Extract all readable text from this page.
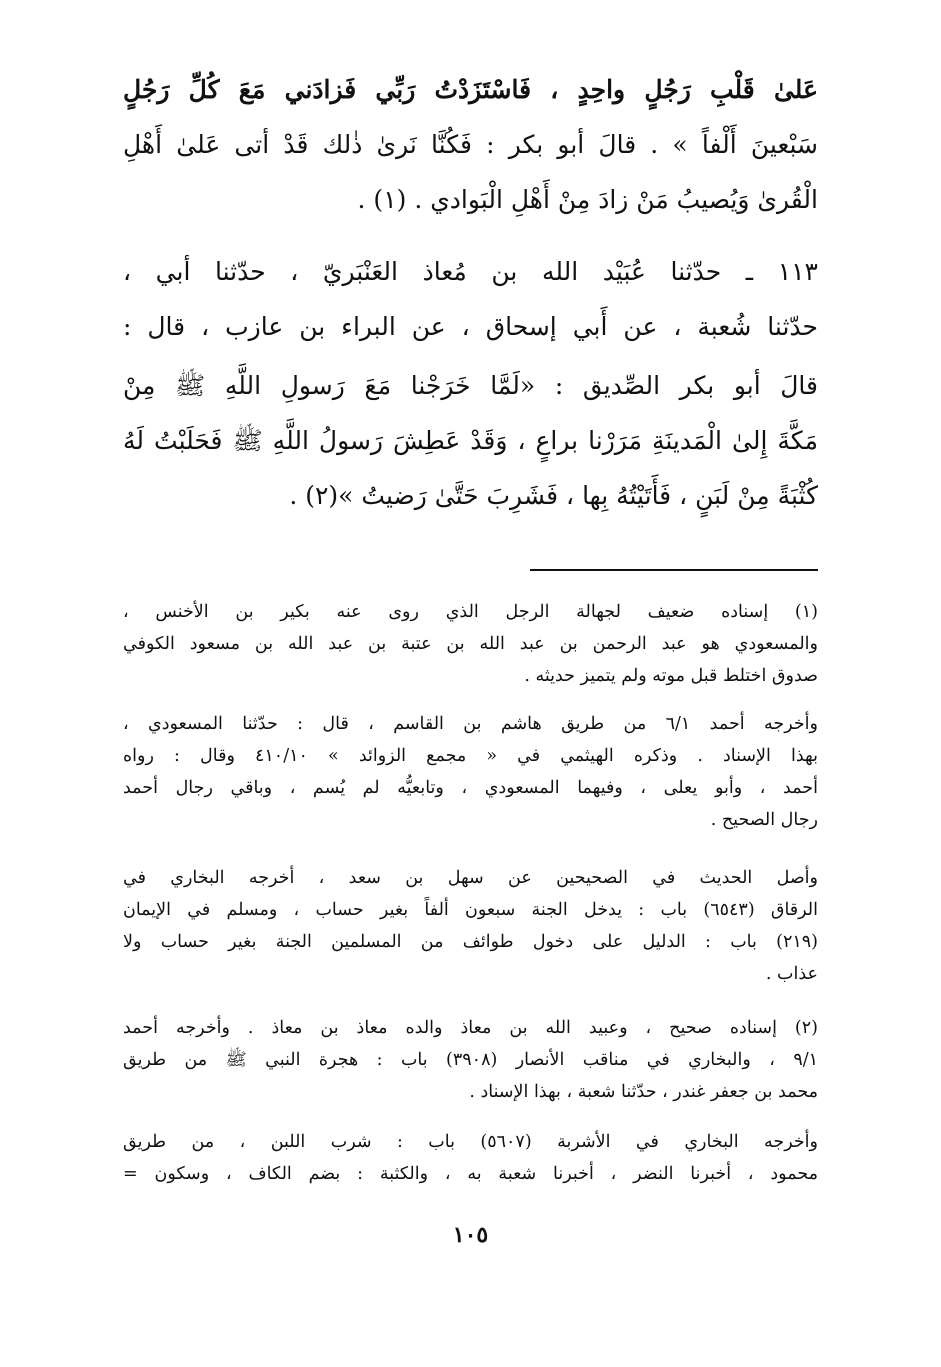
عَلىٰ قَلْبِ رَجُلٍ واحِدٍ ، فَاسْتَزَدْتُ رَبِّي فَزادَني مَعَ كُلِّ رَجُلٍ
سَبْعينَ أَلْفاً » . قالَ أبو بكر : فَكُنَّا نَرىٰ ذٰلك قَدْ أتى عَلىٰ أَهْلِ
الْقُرىٰ وَيُصيبُ مَنْ زادَ مِنْ أَهْلِ الْبَوادي . (١) .
١١٣ ـ حدّثنا عُبَيْد الله بن مُعاذ العَنْبَريّ ، حدّثنا أبي ،
حدّثنا شُعبة ، عن أَبي إسحاق ، عن البراء بن عازب ، قال :
قالَ أبو بكر الصِّديق : «لَمَّا خَرَجْنا مَعَ رَسولِ اللَّهِ ﷺ مِنْ
مَكَّةَ إِلىٰ الْمَدينَةِ مَرَرْنا براعٍ ، وَقَدْ عَطِشَ رَسولُ اللَّهِ ﷺ فَحَلَبْتُ لَهُ
كُثْبَةً مِنْ لَبَنٍ ، فَأَتَيْتُهُ بِها ، فَشَرِبَ حَتَّىٰ رَضيتُ »(٢) .
(١) إسناده ضعيف لجهالة الرجل الذي روى عنه بكير بن الأخنس ،
والمسعودي هو عبد الرحمن بن عبد الله بن عتبة بن عبد الله بن مسعود الكوفي
صدوق اختلط قبل موته ولم يتميز حديثه .
وأخرجه أحمد ٦/١ من طريق هاشم بن القاسم ، قال : حدّثنا المسعودي ،
بهذا الإسناد . وذكره الهيثمي في « مجمع الزوائد » ٤١٠/١٠ وقال : رواه
أحمد ، وأبو يعلى ، وفيهما المسعودي ، وتابعيُّه لم يُسم ، وباقي رجال أحمد
رجال الصحيح .
وأصل الحديث في الصحيحين عن سهل بن سعد ، أخرجه البخاري في
الرقاق (٦٥٤٣) باب : يدخل الجنة سبعون ألفاً بغير حساب ، ومسلم في الإيمان
(٢١٩) باب : الدليل على دخول طوائف من المسلمين الجنة بغير حساب ولا
عذاب .
(٢) إسناده صحيح ، وعبيد الله بن معاذ والده معاذ بن معاذ . وأخرجه أحمد
٩/١ ، والبخاري في مناقب الأنصار (٣٩٠٨) باب : هجرة النبي ﷺ من طريق
محمد بن جعفر غندر ، حدّثنا شعبة ، بهذا الإسناد .
وأخرجه البخاري في الأشربة (٥٦٠٧) باب : شرب اللبن ، من طريق
محمود ، أخبرنا النضر ، أخبرنا شعبة به ، والكثبة : بضم الكاف ، وسكون =
١٠٥
